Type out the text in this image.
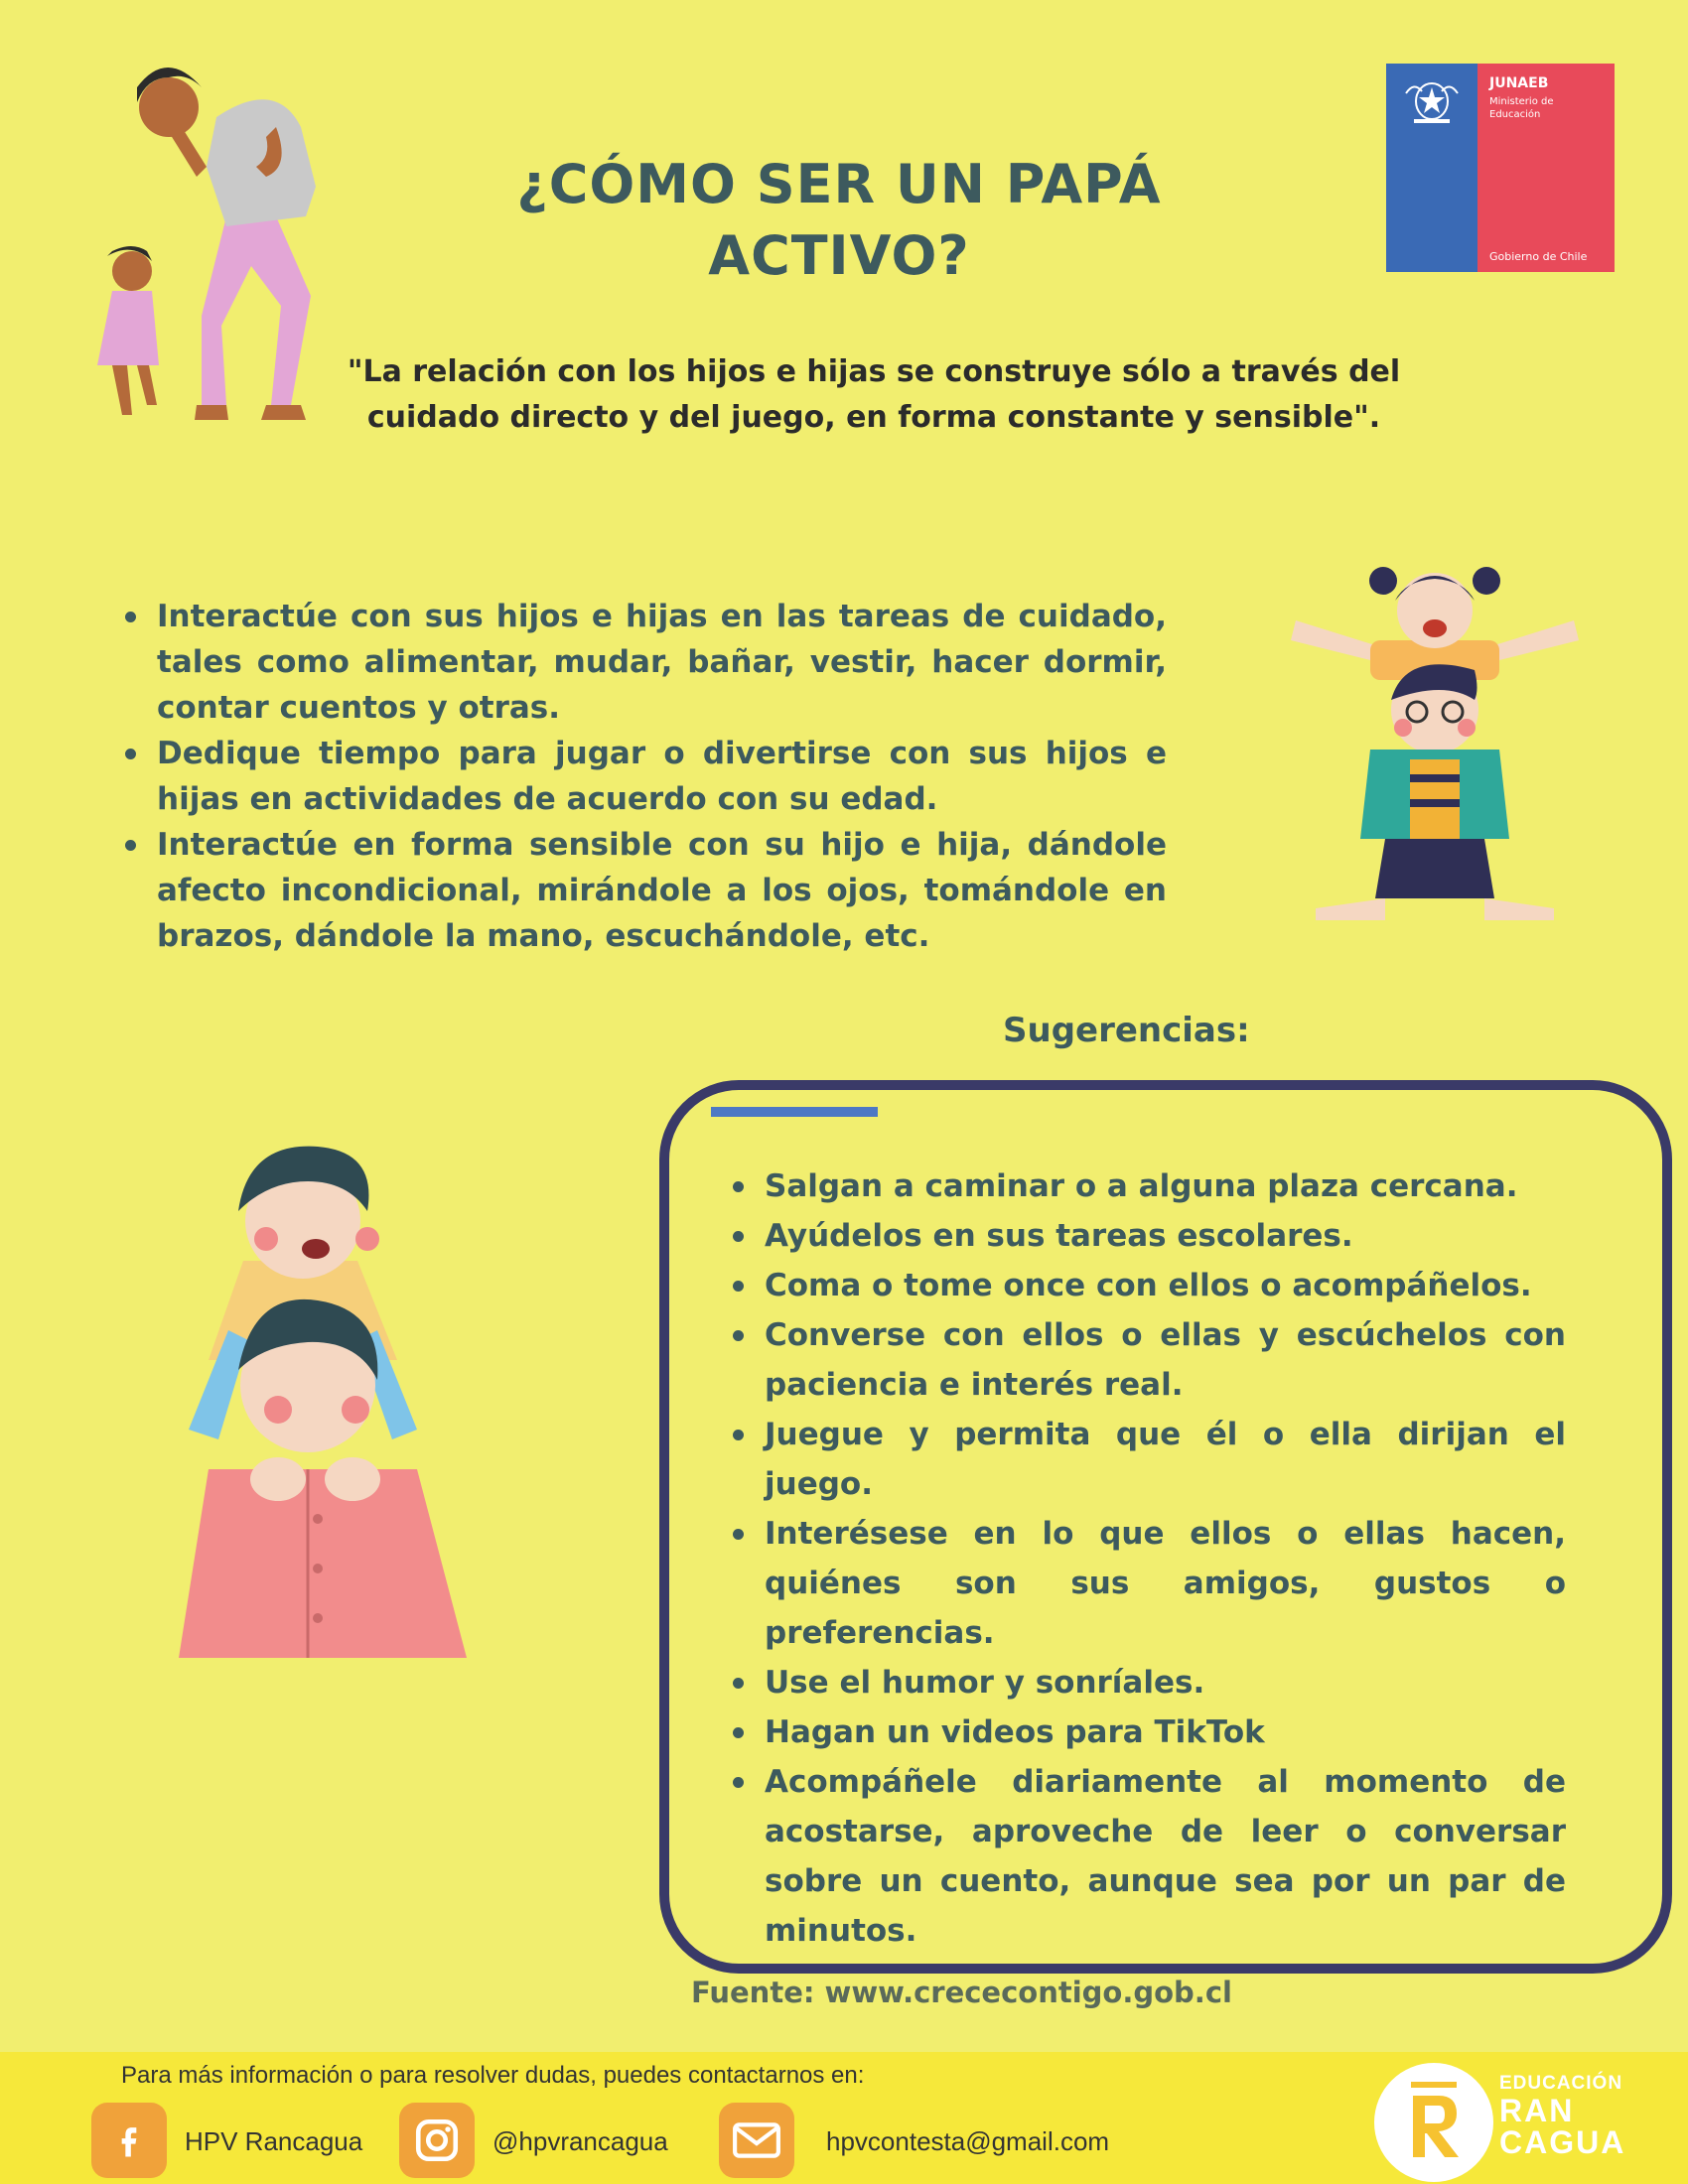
¿CÓMO SER UN PAPÁ
ACTIVO?
JUNAEB
Ministerio de Educación
Gobierno de Chile
"La relación con los hijos e hijas se construye sólo a través del
cuidado directo y del juego, en forma constante y sensible".
Interactúe con sus hijos e hijas en las tareas de cuidado, tales como alimentar, mudar, bañar, vestir, hacer dormir, contar cuentos y otras.
Dedique tiempo para jugar o divertirse con sus hijos e hijas en actividades de acuerdo con su edad.
Interactúe en forma sensible con su hijo e hija, dándole afecto incondicional, mirándole a los ojos, tomándole en brazos, dándole la mano, escuchándole, etc.
Sugerencias:
Salgan a caminar o a alguna plaza cercana.
Ayúdelos en sus tareas escolares.
Coma o tome once con ellos o acompáñelos.
Converse con ellos o ellas y escúchelos con paciencia e interés real.
Juegue y permita que él o ella dirijan el juego.
Interésese en lo que ellos o ellas hacen, quiénes son sus amigos, gustos o preferencias.
Use el humor y sonríales.
Hagan un videos para TikTok
Acompáñele diariamente al momento de acostarse, aproveche de leer o conversar sobre un cuento, aunque sea por un par de minutos.
Fuente: www.crececontigo.gob.cl
Para más información o para resolver dudas, puedes contactarnos en:
HPV Rancagua	@hpvrancagua	hpvcontesta@gmail.com
EDUCACIÓN
RAN
CAGUA
